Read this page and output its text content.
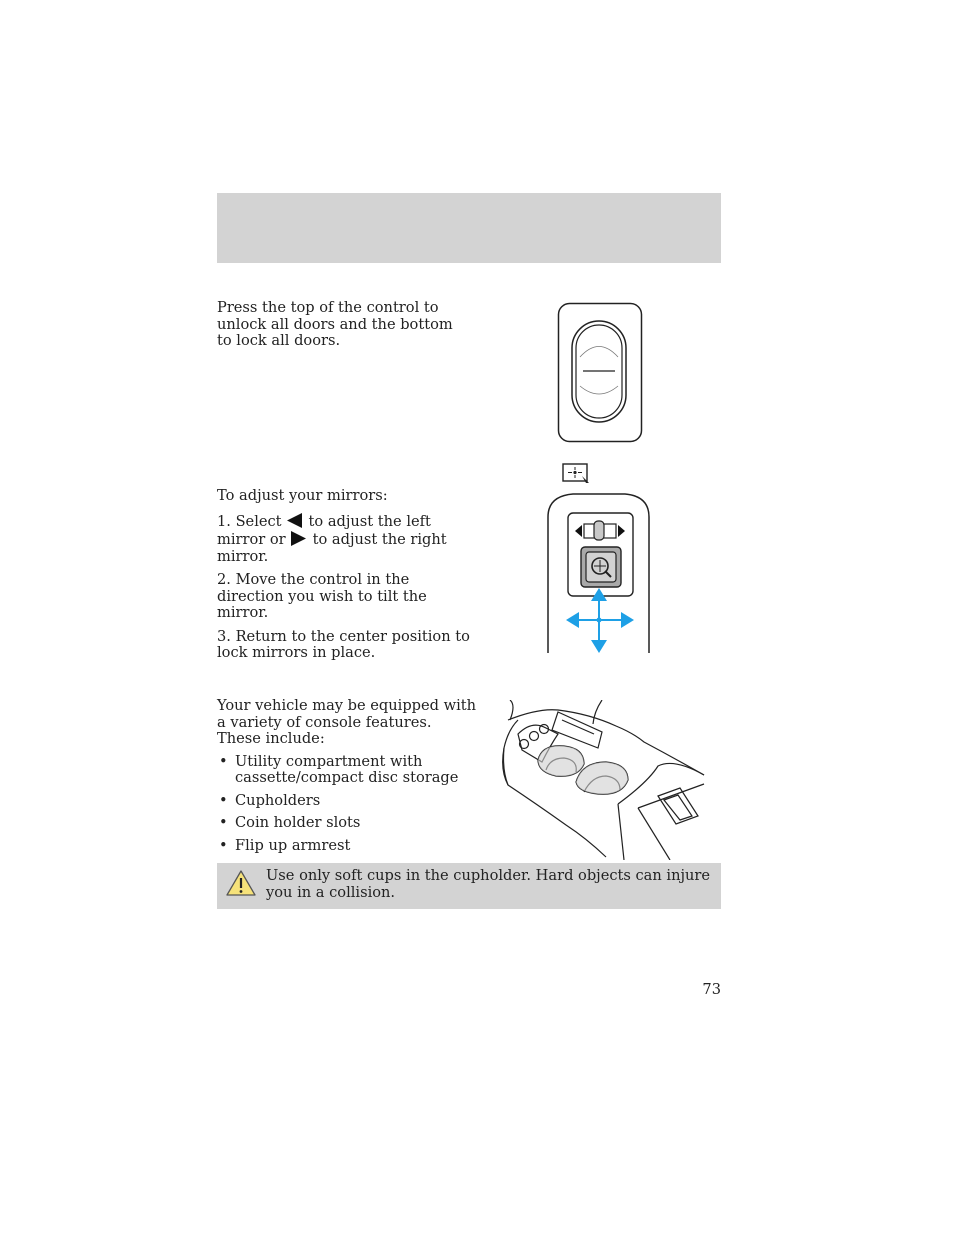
Press the top of the control to unlock all doors and the bottom to lock all doors.

To adjust your mirrors:

1. Select to adjust the left mirror or to adjust the right mirror.

2. Move the control in the direction you wish to tilt the mirror.

3. Return to the center position to lock mirrors in place.

Your vehicle may be equipped with a variety of console features. These include:

• Utility compartment with cassette/compact disc storage
• Cupholders
• Coin holder slots
• Flip up armrest
Use only soft cups in the cupholder. Hard objects can injure you in a collision.
73
